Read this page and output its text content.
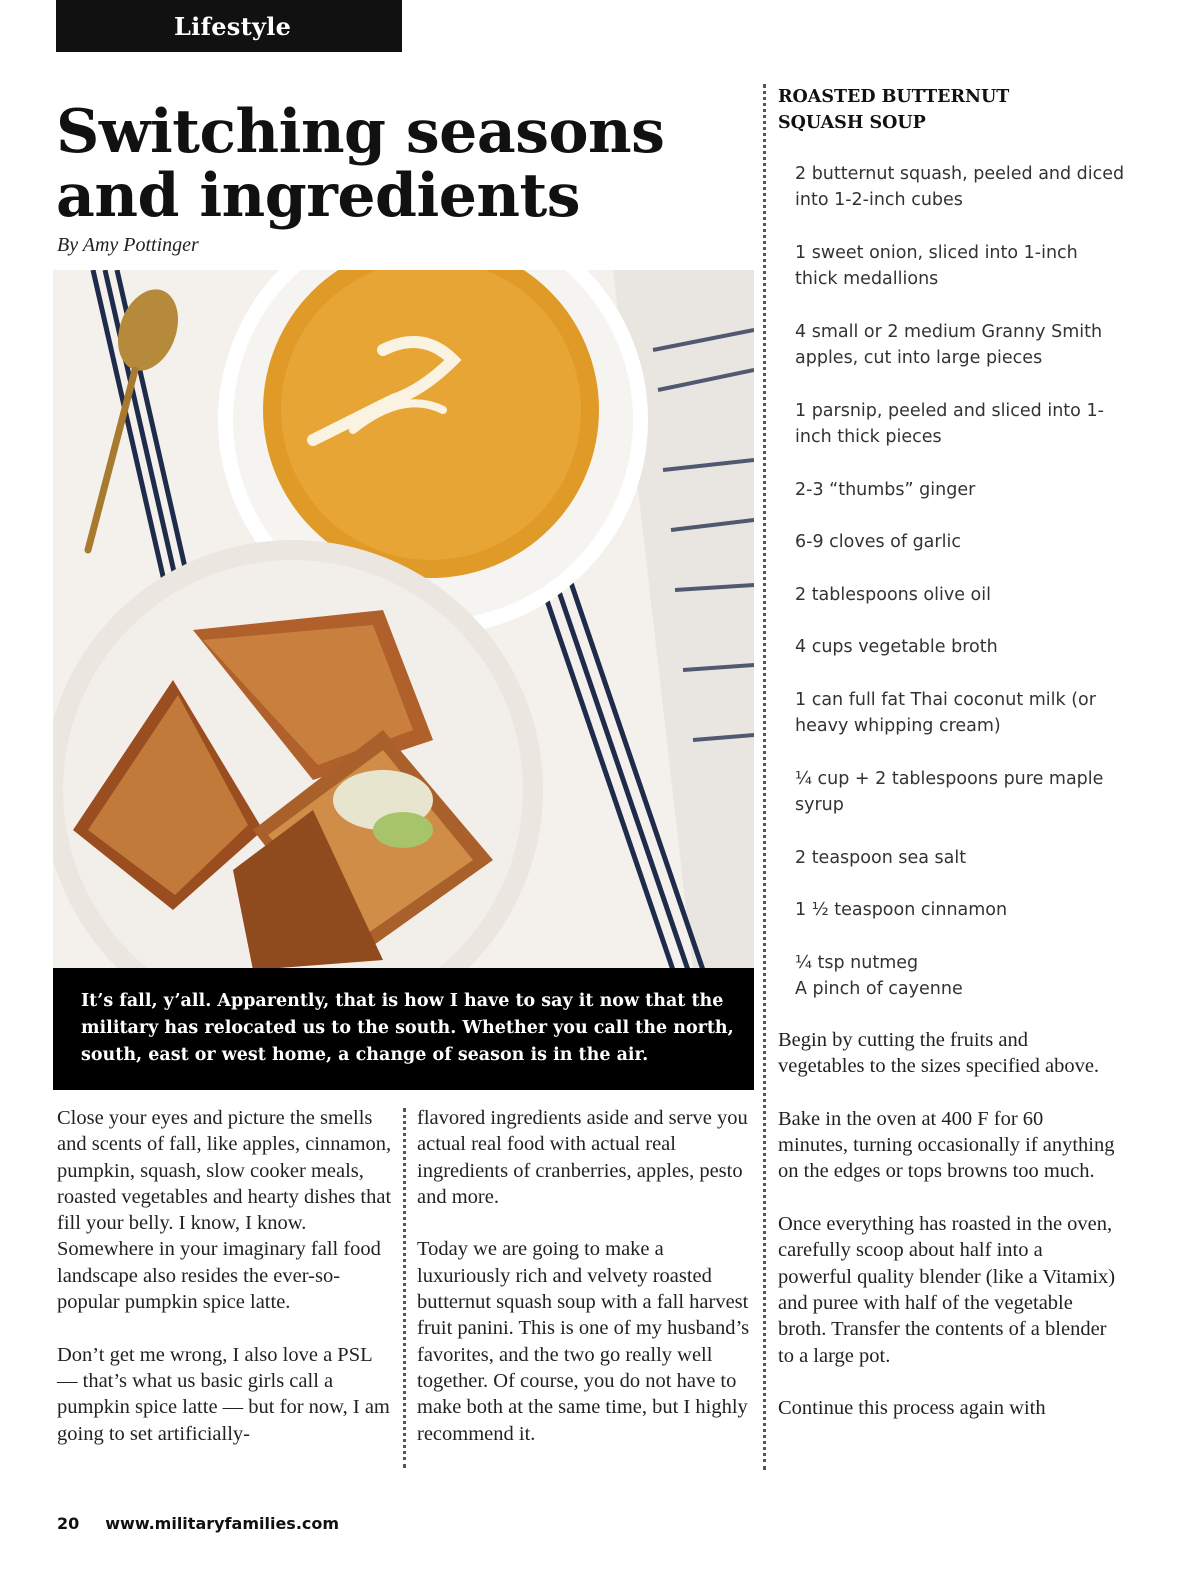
Lifestyle
Switching seasons and ingredients
By Amy Pottinger

It’s fall, y’all. Apparently, that is how I have to say it now that the military has relocated us to the south. Whether you call the north, south, east or west home, a change of season is in the air.

Close your eyes and picture the smells and scents of fall, like apples, cinnamon, pumpkin, squash, slow cooker meals, roasted vegetables and hearty dishes that fill your belly. I know, I know. Somewhere in your imaginary fall food landscape also resides the ever-so-popular pumpkin spice latte.

Don’t get me wrong, I also love a PSL — that’s what us basic girls call a pumpkin spice latte — but for now, I am going to set artificially-

flavored ingredients aside and serve you actual real food with actual real ingredients of cranberries, apples, pesto and more.

Today we are going to make a luxuriously rich and velvety roasted butternut squash soup with a fall harvest fruit panini. This is one of my husband’s favorites, and the two go really well together. Of course, you do not have to make both at the same time, but I highly recommend it.

ROASTED BUTTERNUT SQUASH SOUP
2 butternut squash, peeled and diced into 1-2-inch cubes
1 sweet onion, sliced into 1-inch thick medallions
4 small or 2 medium Granny Smith apples, cut into large pieces
1 parsnip, peeled and sliced into 1-inch thick pieces
2-3 “thumbs” ginger
6-9 cloves of garlic
2 tablespoons olive oil
4 cups vegetable broth
1 can full fat Thai coconut milk (or heavy whipping cream)
¼ cup + 2 tablespoons pure maple syrup
2 teaspoon sea salt
1 ½ teaspoon cinnamon
¼ tsp nutmeg
A pinch of cayenne

Begin by cutting the fruits and vegetables to the sizes specified above.

Bake in the oven at 400 F for 60 minutes, turning occasionally if anything on the edges or tops browns too much.

Once everything has roasted in the oven, carefully scoop about half into a powerful quality blender (like a Vitamix) and puree with half of the vegetable broth. Transfer the contents of a blender to a large pot.

Continue this process again with

20 www.militaryfamilies.com
